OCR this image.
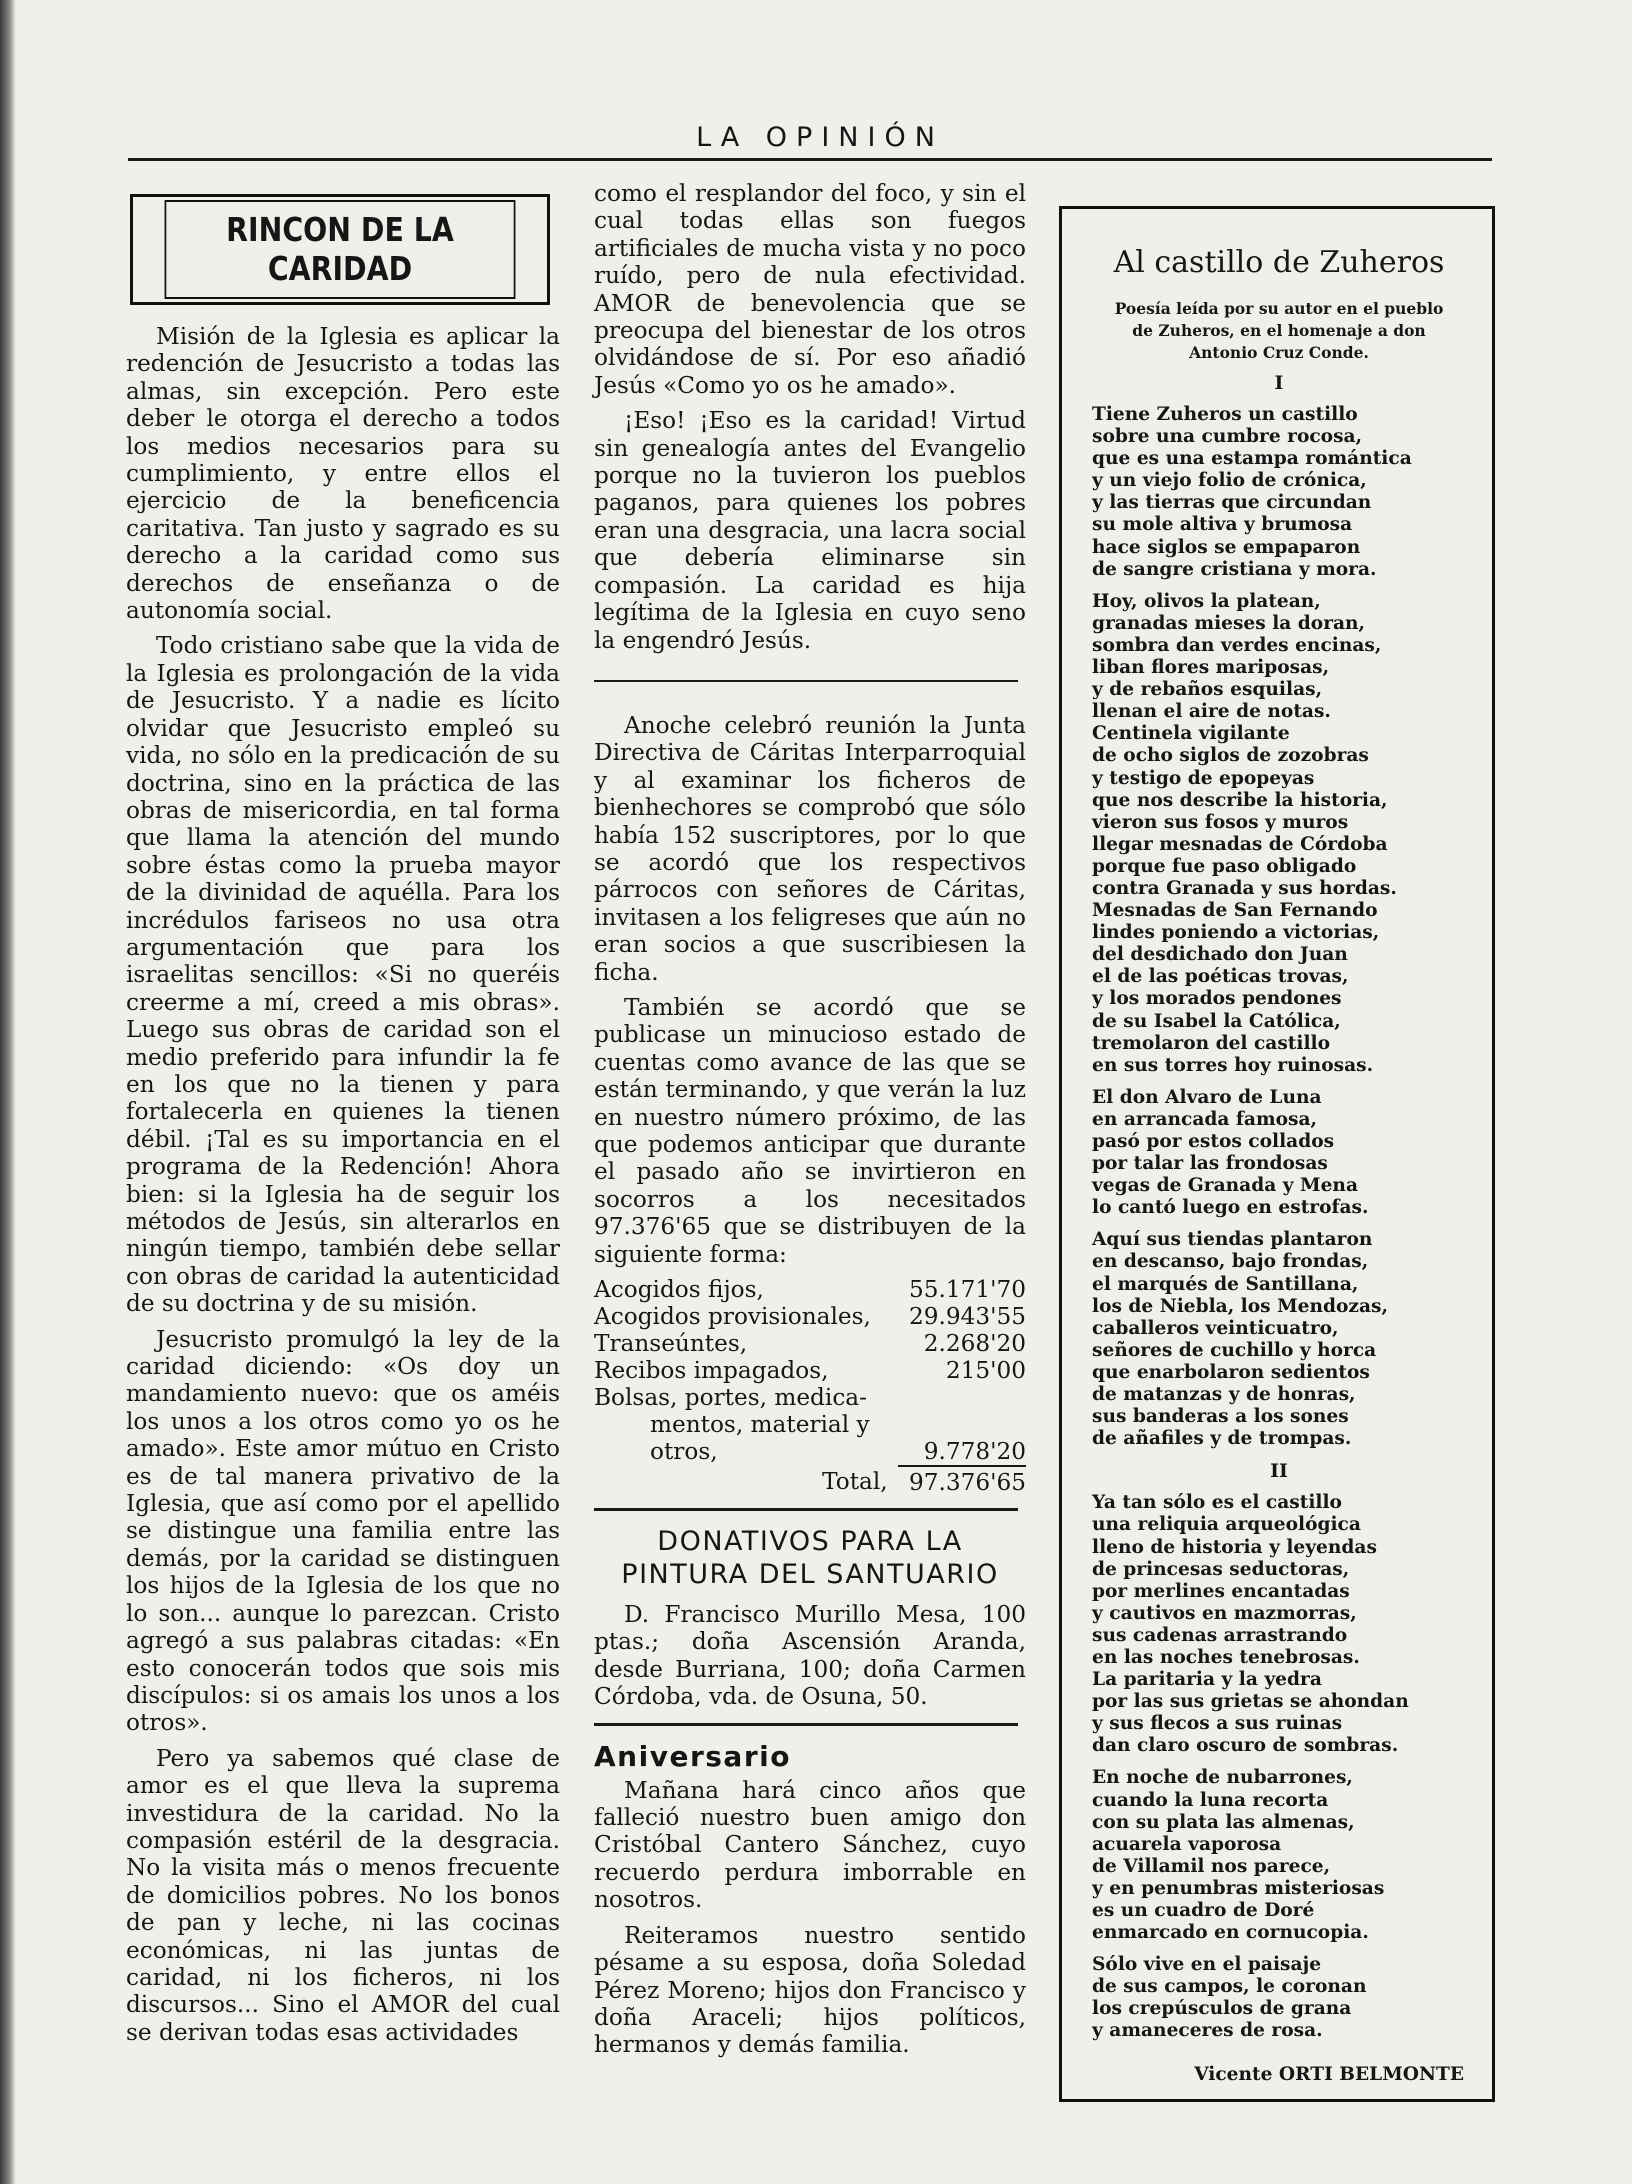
LA OPINIÓN
RINCON DE LA CARIDAD

Misión de la Iglesia es aplicar la redención de Jesucristo a todas las almas, sin excepción. Pero este deber le otorga el derecho a todos los medios necesarios para su cumplimiento, y entre ellos el ejercicio de la beneficencia caritativa. Tan justo y sagrado es su derecho a la caridad como sus derechos de enseñanza o de autonomía social.

Todo cristiano sabe que la vida de la Iglesia es prolongación de la vida de Jesucristo. Y a nadie es lícito olvidar que Jesucristo empleó su vida, no sólo en la predicación de su doctrina, sino en la práctica de las obras de misericordia, en tal forma que llama la atención del mundo sobre éstas como la prueba mayor de la divinidad de aquélla. Para los incrédulos fariseos no usa otra argumentación que para los israelitas sencillos: «Si no queréis creerme a mí, creed a mis obras». Luego sus obras de caridad son el medio preferido para infundir la fe en los que no la tienen y para fortalecerla en quienes la tienen débil. ¡Tal es su importancia en el programa de la Redención! Ahora bien: si la Iglesia ha de seguir los métodos de Jesús, sin alterarlos en ningún tiempo, también debe sellar con obras de caridad la autenticidad de su doctrina y de su misión.

Jesucristo promulgó la ley de la caridad diciendo: «Os doy un mandamiento nuevo: que os améis los unos a los otros como yo os he amado». Este amor mútuo en Cristo es de tal manera privativo de la Iglesia, que así como por el apellido se distingue una familia entre las demás, por la caridad se distinguen los hijos de la Iglesia de los que no lo son... aunque lo parezcan. Cristo agregó a sus palabras citadas: «En esto conocerán todos que sois mis discípulos: si os amais los unos a los otros».

Pero ya sabemos qué clase de amor es el que lleva la suprema investidura de la caridad. No la compasión estéril de la desgracia. No la visita más o menos frecuente de domicilios pobres. No los bonos de pan y leche, ni las cocinas económicas, ni las juntas de caridad, ni los ficheros, ni los discursos... Sino el AMOR del cual se derivan todas esas actividades

como el resplandor del foco, y sin el cual todas ellas son fuegos artificiales de mucha vista y no poco ruído, pero de nula efectividad. AMOR de benevolencia que se preocupa del bienestar de los otros olvidándose de sí. Por eso añadió Jesús «Como yo os he amado».

¡Eso! ¡Eso es la caridad! Virtud sin genealogía antes del Evangelio porque no la tuvieron los pueblos paganos, para quienes los pobres eran una desgracia, una lacra social que debería eliminarse sin compasión. La caridad es hija legítima de la Iglesia en cuyo seno la engendró Jesús.

Anoche celebró reunión la Junta Directiva de Cáritas Interparroquial y al examinar los ficheros de bienhechores se comprobó que sólo había 152 suscriptores, por lo que se acordó que los respectivos párrocos con señores de Cáritas, invitasen a los feligreses que aún no eran socios a que suscribiesen la ficha.

También se acordó que se publicase un minucioso estado de cuentas como avance de las que se están terminando, y que verán la luz en nuestro número próximo, de las que podemos anticipar que durante el pasado año se invirtieron en socorros a los necesitados 97.376'65 que se distribuyen de la siguiente forma:

Acogidos fijos,	55.171'70
Acogidos provisionales,	29.943'55
Transeúntes,	2.268'20
Recibos impagados,	215'00
Bolsas, portes, medica-	
mentos, material y	
otros,	9.778'20
Total,	97.376'65
DONATIVOS PARA LA
PINTURA DEL SANTUARIO

D. Francisco Murillo Mesa, 100 ptas.; doña Ascensión Aranda, desde Burriana, 100; doña Carmen Córdoba, vda. de Osuna, 50.

Aniversario

Mañana hará cinco años que falleció nuestro buen amigo don Cristóbal Cantero Sánchez, cuyo recuerdo perdura imborrable en nosotros.

Reiteramos nuestro sentido pésame a su esposa, doña Soledad Pérez Moreno; hijos don Francisco y doña Araceli; hijos políticos, hermanos y demás familia.

Al castillo de Zuheros
Poesía leída por su autor en el pueblo de Zuheros, en el homenaje a don Antonio Cruz Conde.
I
Tiene Zuheros un castillo
sobre una cumbre rocosa,
que es una estampa romántica
y un viejo folio de crónica,
y las tierras que circundan
su mole altiva y brumosa
hace siglos se empaparon
de sangre cristiana y mora.
Hoy, olivos la platean,
granadas mieses la doran,
sombra dan verdes encinas,
liban flores mariposas,
y de rebaños esquilas,
llenan el aire de notas.
Centinela vigilante
de ocho siglos de zozobras
y testigo de epopeyas
que nos describe la historia,
vieron sus fosos y muros
llegar mesnadas de Córdoba
porque fue paso obligado
contra Granada y sus hordas.
Mesnadas de San Fernando
lindes poniendo a victorias,
del desdichado don Juan
el de las poéticas trovas,
y los morados pendones
de su Isabel la Católica,
tremolaron del castillo
en sus torres hoy ruinosas.
El don Alvaro de Luna
en arrancada famosa,
pasó por estos collados
por talar las frondosas
vegas de Granada y Mena
lo cantó luego en estrofas.
Aquí sus tiendas plantaron
en descanso, bajo frondas,
el marqués de Santillana,
los de Niebla, los Mendozas,
caballeros veinticuatro,
señores de cuchillo y horca
que enarbolaron sedientos
de matanzas y de honras,
sus banderas a los sones
de añafiles y de trompas.
II
Ya tan sólo es el castillo
una reliquia arqueológica
lleno de historia y leyendas
de princesas seductoras,
por merlines encantadas
y cautivos en mazmorras,
sus cadenas arrastrando
en las noches tenebrosas.
La paritaria y la yedra
por las sus grietas se ahondan
y sus flecos a sus ruinas
dan claro oscuro de sombras.
En noche de nubarrones,
cuando la luna recorta
con su plata las almenas,
acuarela vaporosa
de Villamil nos parece,
y en penumbras misteriosas
es un cuadro de Doré
enmarcado en cornucopia.
Sólo vive en el paisaje
de sus campos, le coronan
los crepúsculos de grana
y amaneceres de rosa.
Vicente ORTI BELMONTE
